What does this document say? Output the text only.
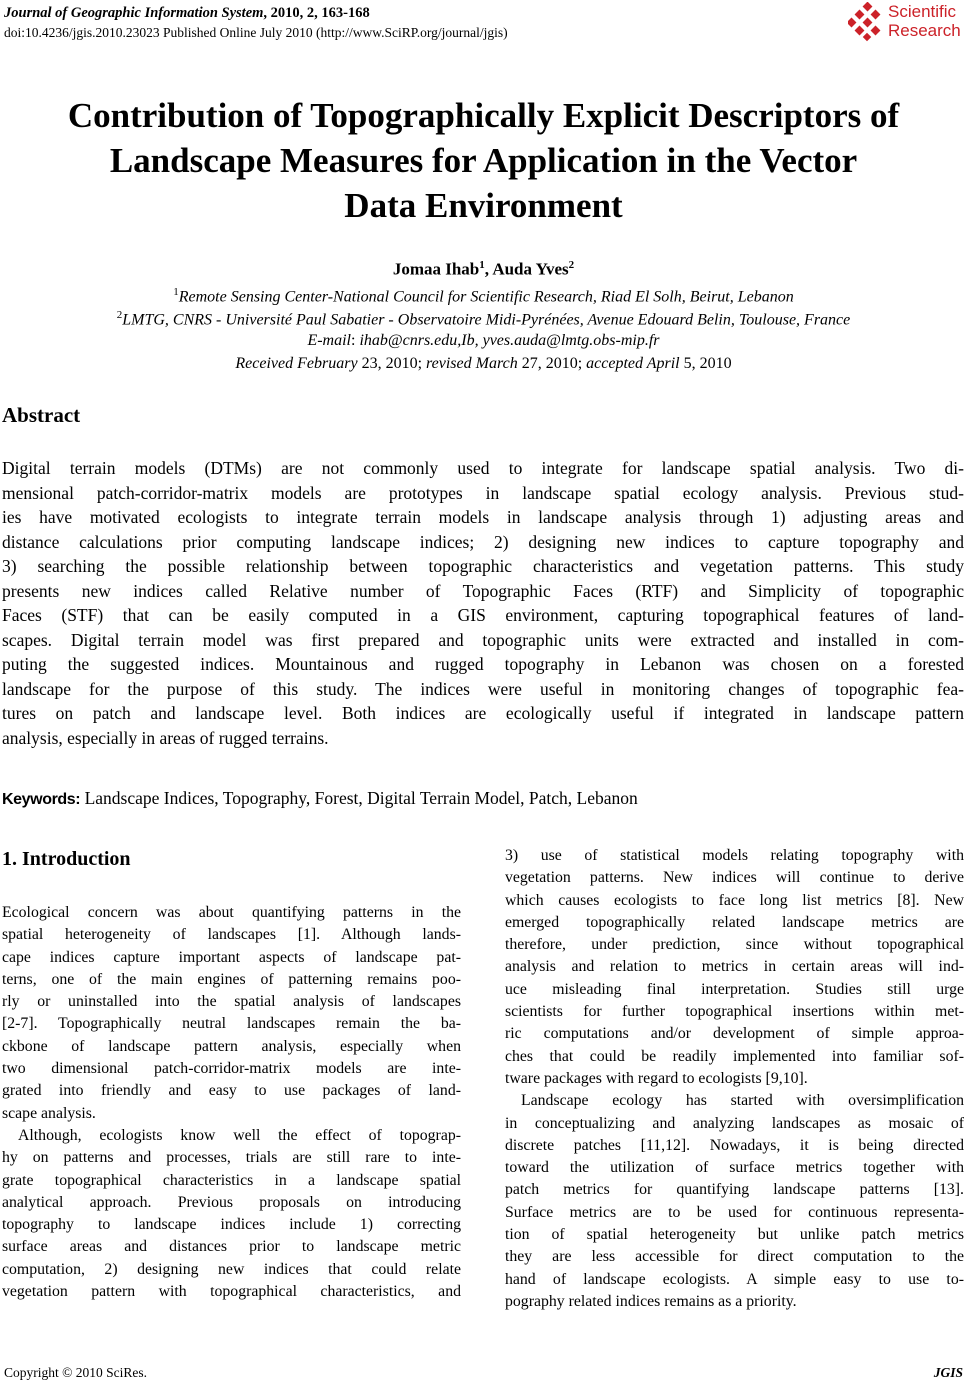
Journal of Geographic Information System, 2010, 2, 163-168
doi:10.4236/jgis.2010.23023 Published Online July 2010 (http://www.SciRP.org/journal/jgis)
Scientific
Research
Contribution of Topographically Explicit Descriptors of
Landscape Measures for Application in the Vector
Data Environment
Jomaa Ihab$^1$, Auda Yves$^2$
$^1$Remote Sensing Center-National Council for Scientific Research, Riad El Solh, Beirut, Lebanon
$^2$LMTG, CNRS - Université Paul Sabatier - Observatoire Midi-Pyrénées, Avenue Edouard Belin, Toulouse, France
E-mail: ihab@cnrs.edu,Ib, yves.auda@lmtg.obs-mip.fr
Received February 23, 2010; revised March 27, 2010; accepted April 5, 2010
Abstract
Digital terrain models (DTMs) are not commonly used to integrate for landscape spatial analysis. Two di-
mensional patch-corridor-matrix models are prototypes in landscape spatial ecology analysis. Previous stud-
ies have motivated ecologists to integrate terrain models in landscape analysis through 1) adjusting areas and
distance calculations prior computing landscape indices; 2) designing new indices to capture topography and
3) searching the possible relationship between topographic characteristics and vegetation patterns. This study
presents new indices called Relative number of Topographic Faces (RTF) and Simplicity of topographic
Faces (STF) that can be easily computed in a GIS environment, capturing topographical features of land-
scapes. Digital terrain model was first prepared and topographic units were extracted and installed in com-
puting the suggested indices. Mountainous and rugged topography in Lebanon was chosen on a forested
landscape for the purpose of this study. The indices were useful in monitoring changes of topographic fea-
tures on patch and landscape level. Both indices are ecologically useful if integrated in landscape pattern
analysis, especially in areas of rugged terrains.
Keywords: Landscape Indices, Topography, Forest, Digital Terrain Model, Patch, Lebanon
1. Introduction
Ecological concern was about quantifying patterns in the
spatial heterogeneity of landscapes [1]. Although lands-
cape indices capture important aspects of landscape pat-
terns, one of the main engines of patterning remains poo-
rly or uninstalled into the spatial analysis of landscapes
[2-7]. Topographically neutral landscapes remain the ba-
ckbone of landscape pattern analysis, especially when
two dimensional patch-corridor-matrix models are inte-
grated into friendly and easy to use packages of land-
scape analysis.
Although, ecologists know well the effect of topograp-
hy on patterns and processes, trials are still rare to inte-
grate topographical characteristics in a landscape spatial
analytical approach. Previous proposals on introducing
topography to landscape indices include 1) correcting
surface areas and distances prior to landscape metric
computation, 2) designing new indices that could relate
vegetation pattern with topographical characteristics, and
3) use of statistical models relating topography with
vegetation patterns. New indices will continue to derive
which causes ecologists to face long list metrics [8]. New
emerged topographically related landscape metrics are
therefore, under prediction, since without topographical
analysis and relation to metrics in certain areas will ind-
uce misleading final interpretation. Studies still urge
scientists for further topographical insertions within met-
ric computations and/or development of simple approa-
ches that could be readily implemented into familiar sof-
tware packages with regard to ecologists [9,10].
Landscape ecology has started with oversimplification
in conceptualizing and analyzing landscapes as mosaic of
discrete patches [11,12]. Nowadays, it is being directed
toward the utilization of surface metrics together with
patch metrics for quantifying landscape patterns [13].
Surface metrics are to be used for continuous representa-
tion of spatial heterogeneity but unlike patch metrics
they are less accessible for direct computation to the
hand of landscape ecologists. A simple easy to use to-
pography related indices remains as a priority.
Copyright © 2010 SciRes.	JGIS
